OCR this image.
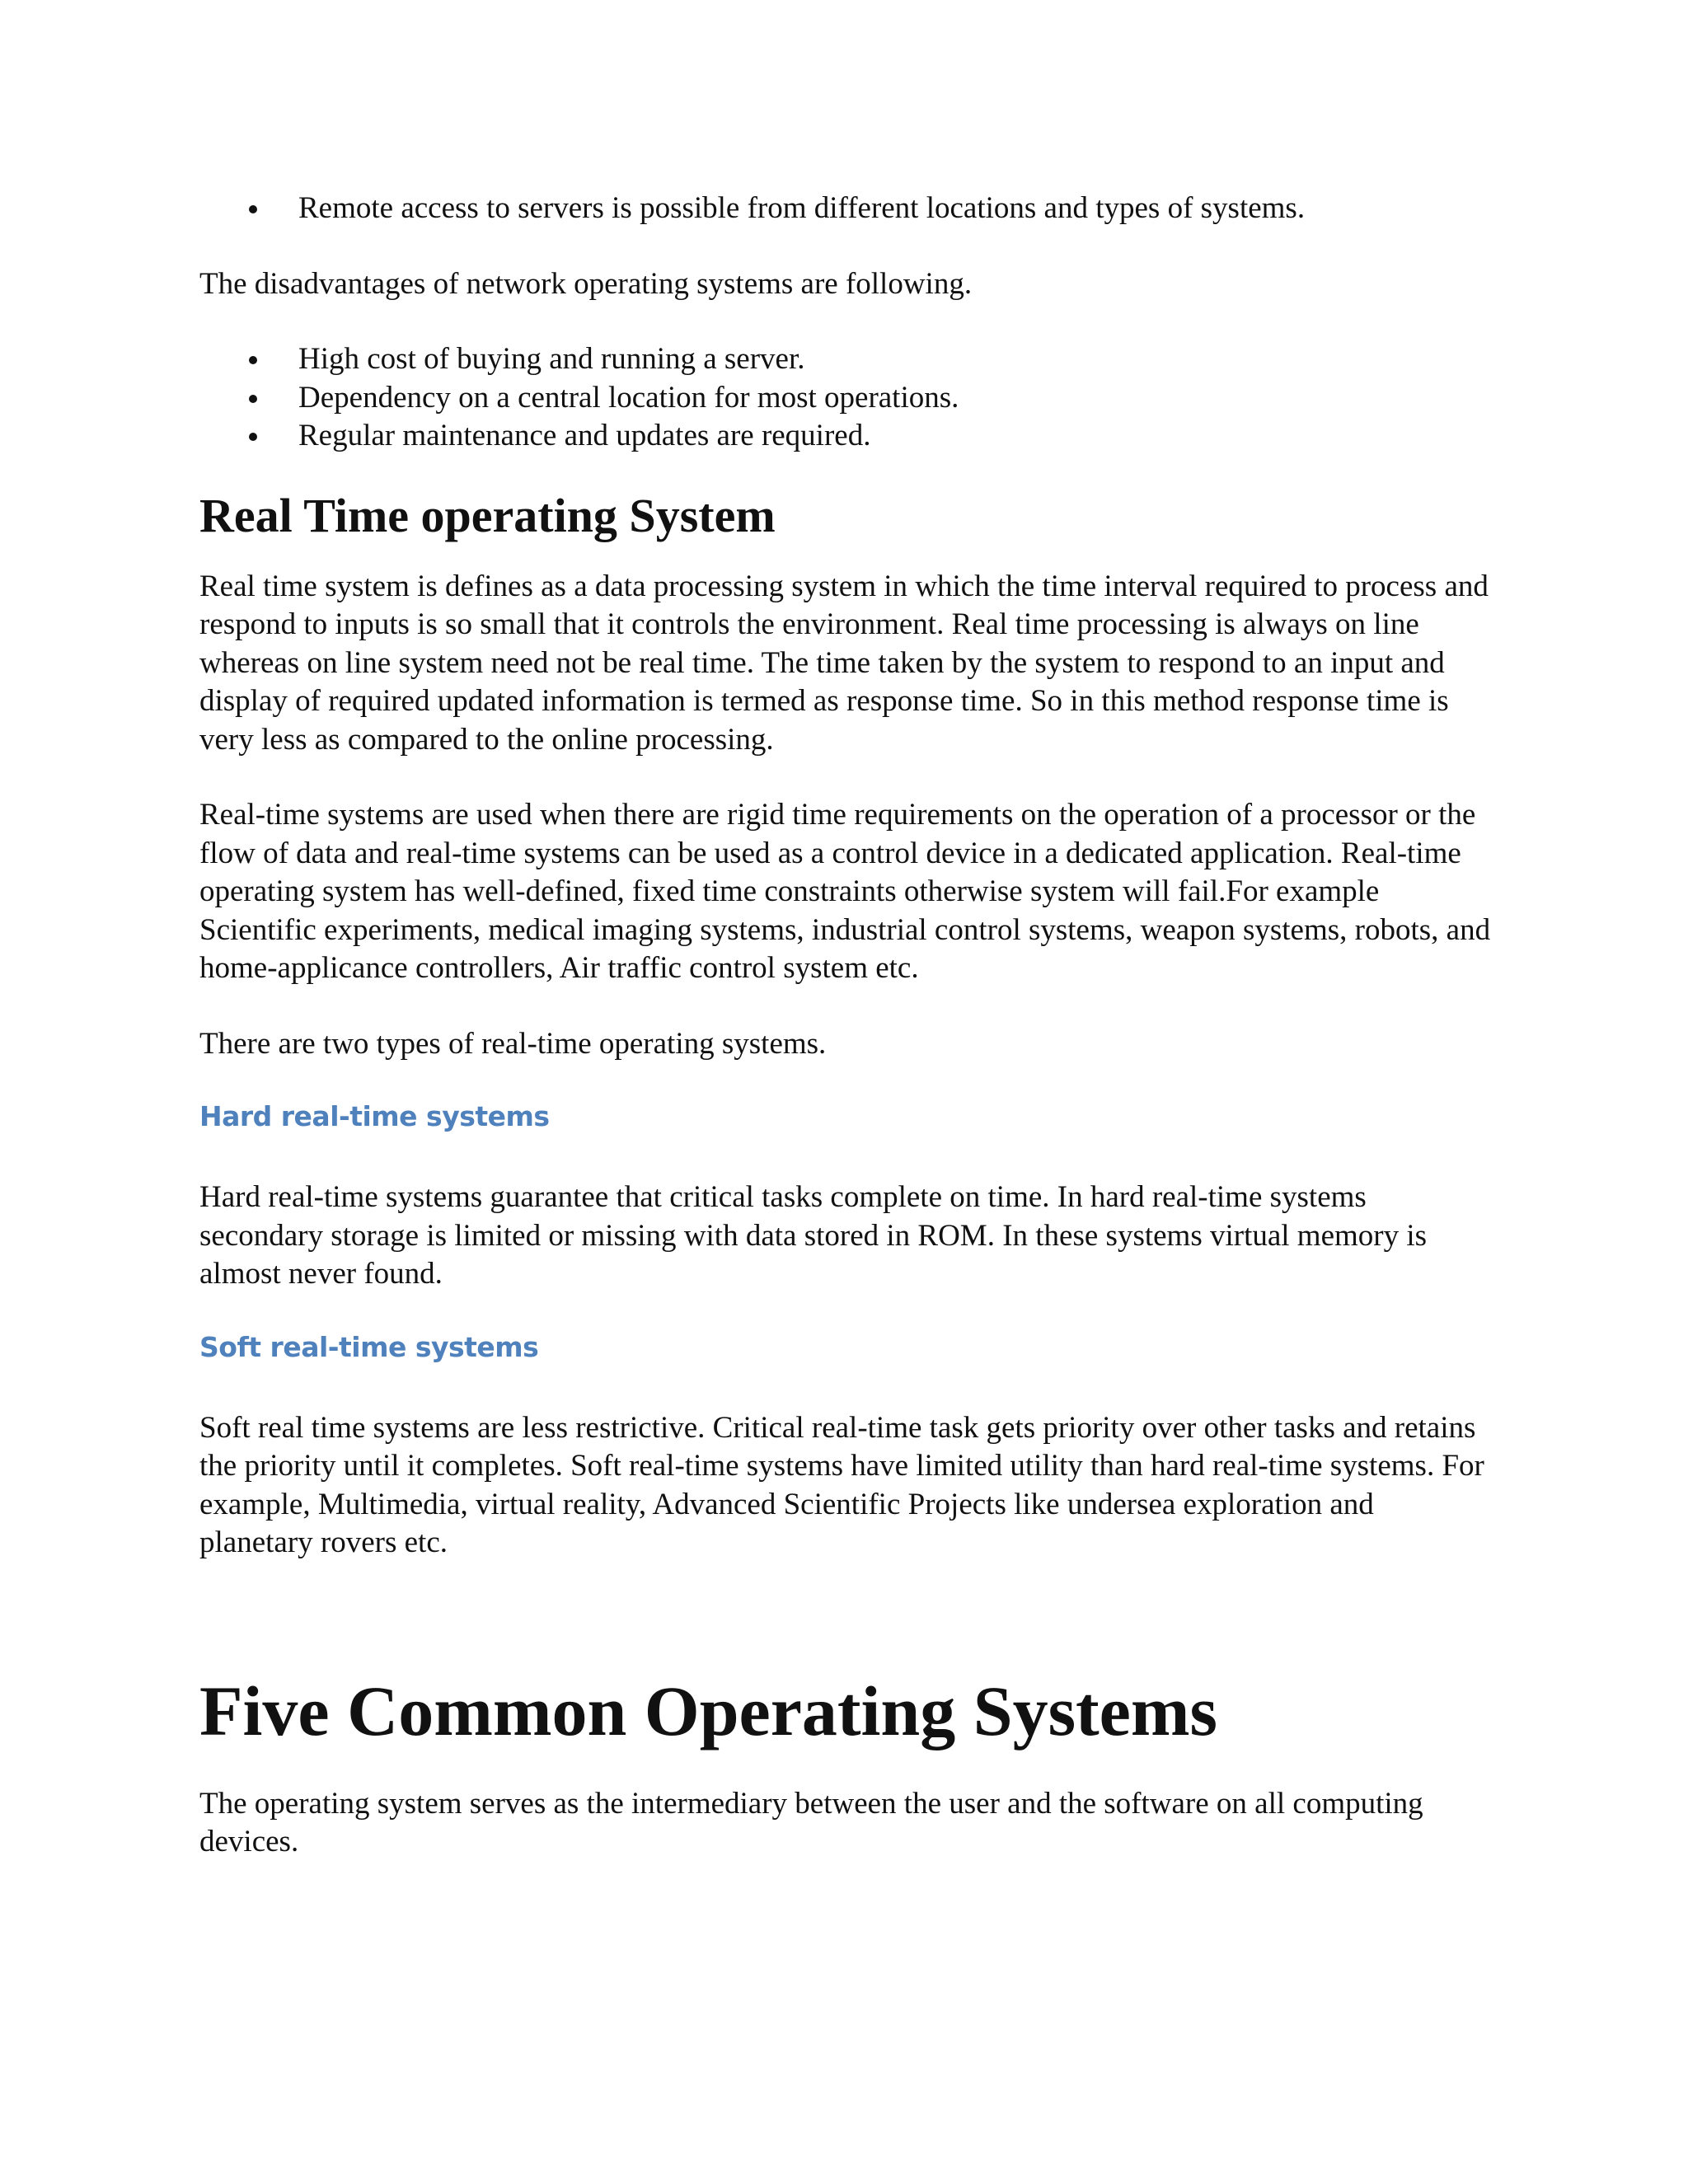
Remote access to servers is possible from different locations and types of systems.

The disadvantages of network operating systems are following.

High cost of buying and running a server.
Dependency on a central location for most operations.
Regular maintenance and updates are required.
Real Time operating System

Real time system is defines as a data processing system in which the time interval required to process and respond to inputs is so small that it controls the environment. Real time processing is always on line whereas on line system need not be real time. The time taken by the system to respond to an input and display of required updated information is termed as response time. So in this method response time is very less as compared to the online processing.

Real-time systems are used when there are rigid time requirements on the operation of a processor or the flow of data and real-time systems can be used as a control device in a dedicated application. Real-time operating system has well-defined, fixed time constraints otherwise system will fail.For example Scientific experiments, medical imaging systems, industrial control systems, weapon systems, robots, and home-applicance controllers, Air traffic control system etc.

There are two types of real-time operating systems.

Hard real-time systems

Hard real-time systems guarantee that critical tasks complete on time. In hard real-time systems secondary storage is limited or missing with data stored in ROM. In these systems virtual memory is almost never found.

Soft real-time systems

Soft real time systems are less restrictive. Critical real-time task gets priority over other tasks and retains the priority until it completes. Soft real-time systems have limited utility than hard real-time systems. For example, Multimedia, virtual reality, Advanced Scientific Projects like undersea exploration and planetary rovers etc.

Five Common Operating Systems

The operating system serves as the intermediary between the user and the software on all computing devices.
